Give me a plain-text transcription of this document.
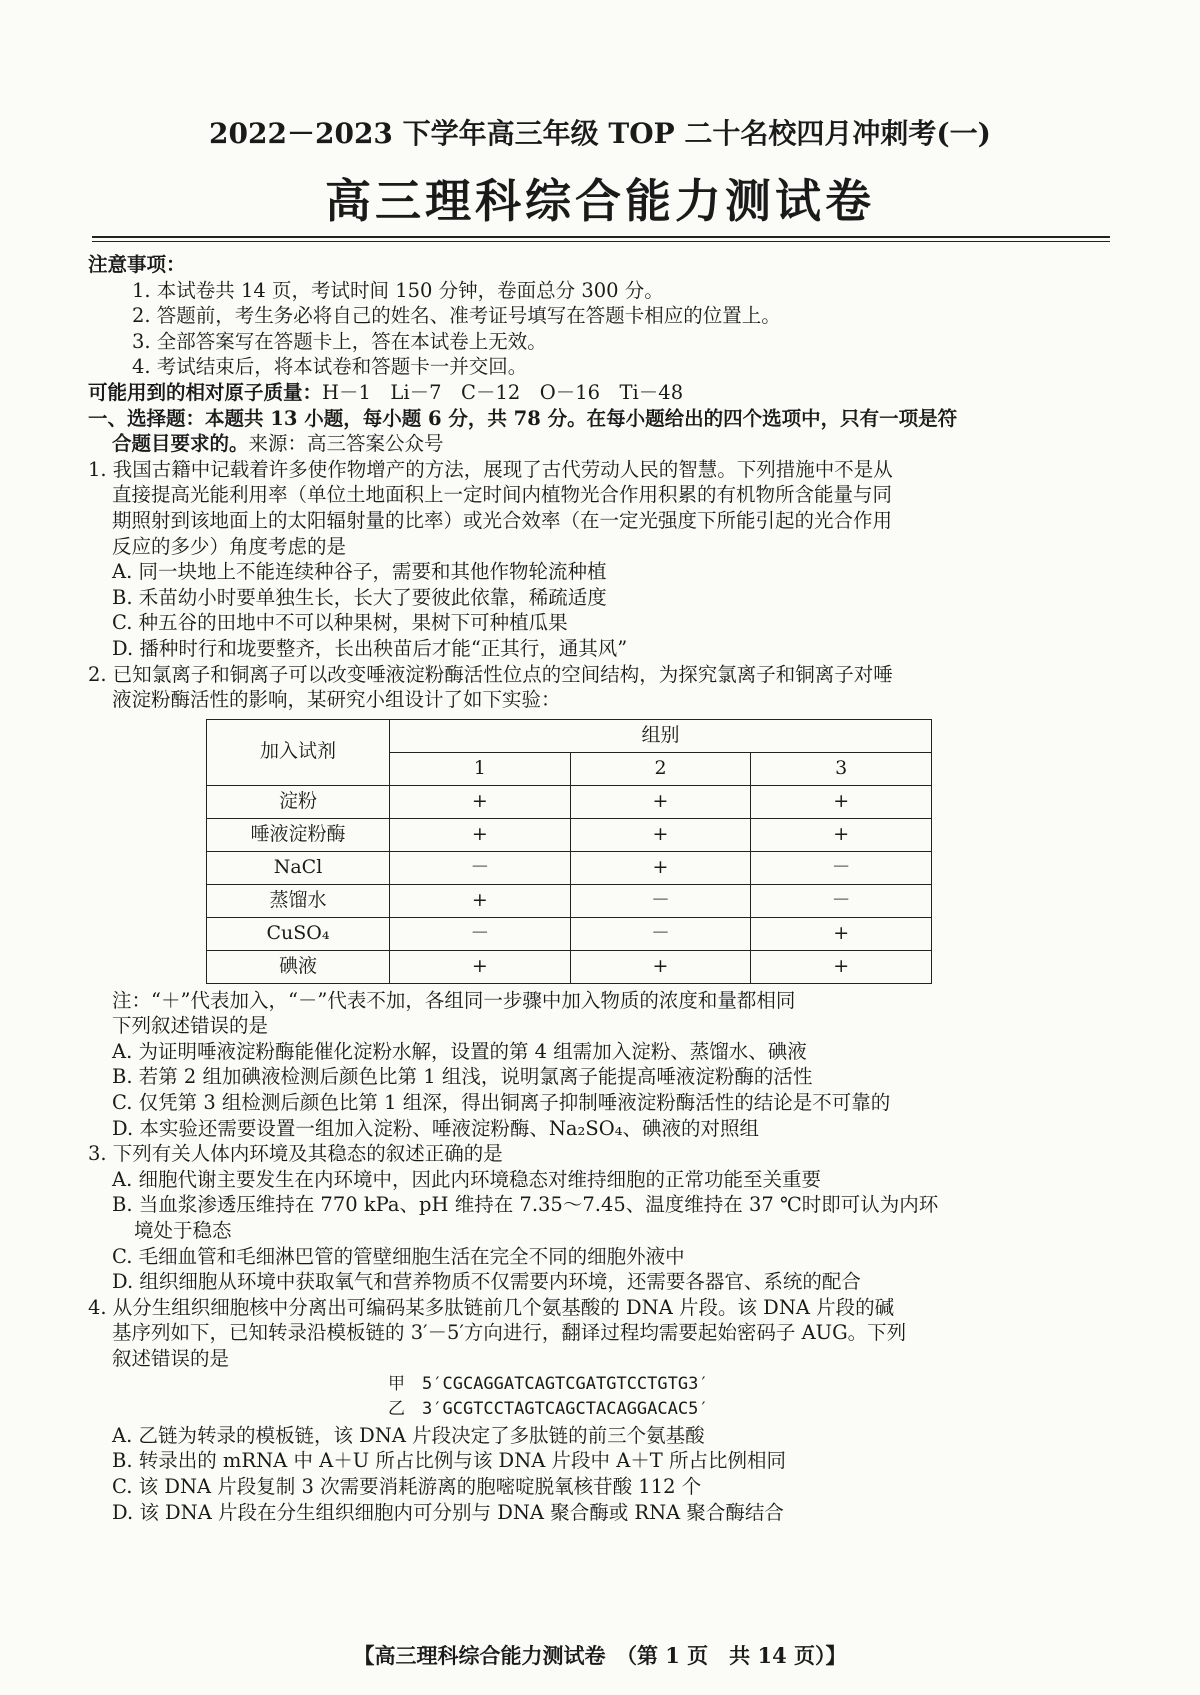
2022－2023 下学年高三年级 TOP 二十名校四月冲刺考(一)
高三理科综合能力测试卷
注意事项：
1. 本试卷共 14 页，考试时间 150 分钟，卷面总分 300 分。
2. 答题前，考生务必将自己的姓名、准考证号填写在答题卡相应的位置上。
3. 全部答案写在答题卡上，答在本试卷上无效。
4. 考试结束后，将本试卷和答题卡一并交回。
可能用到的相对原子质量：H－1　Li－7　C－12　O－16　Ti－48
一、选择题：本题共 13 小题，每小题 6 分，共 78 分。在每小题给出的四个选项中，只有一项是符
合题目要求的。来源：高三答案公众号
1. 我国古籍中记载着许多使作物增产的方法，展现了古代劳动人民的智慧。下列措施中不是从
直接提高光能利用率（单位土地面积上一定时间内植物光合作用积累的有机物所含能量与同
期照射到该地面上的太阳辐射量的比率）或光合效率（在一定光强度下所能引起的光合作用
反应的多少）角度考虑的是
A. 同一块地上不能连续种谷子，需要和其他作物轮流种植
B. 禾苗幼小时要单独生长，长大了要彼此依靠，稀疏适度
C. 种五谷的田地中不可以种果树，果树下可种植瓜果
D. 播种时行和垅要整齐，长出秧苗后才能“正其行，通其风”
2. 已知氯离子和铜离子可以改变唾液淀粉酶活性位点的空间结构，为探究氯离子和铜离子对唾
液淀粉酶活性的影响，某研究小组设计了如下实验：
加入试剂	组别		
	1	2	3
淀粉	+	+	+
唾液淀粉酶	+	+	+
NaCl	－	+	－
蒸馏水	+	－	－
CuSO₄	－	－	+
碘液	+	+	+
注：“＋”代表加入，“－”代表不加，各组同一步骤中加入物质的浓度和量都相同
下列叙述错误的是
A. 为证明唾液淀粉酶能催化淀粉水解，设置的第 4 组需加入淀粉、蒸馏水、碘液
B. 若第 2 组加碘液检测后颜色比第 1 组浅，说明氯离子能提高唾液淀粉酶的活性
C. 仅凭第 3 组检测后颜色比第 1 组深，得出铜离子抑制唾液淀粉酶活性的结论是不可靠的
D. 本实验还需要设置一组加入淀粉、唾液淀粉酶、Na₂SO₄、碘液的对照组
3. 下列有关人体内环境及其稳态的叙述正确的是
A. 细胞代谢主要发生在内环境中，因此内环境稳态对维持细胞的正常功能至关重要
B. 当血浆渗透压维持在 770 kPa、pH 维持在 7.35～7.45、温度维持在 37 ℃时即可认为内环
境处于稳态
C. 毛细血管和毛细淋巴管的管壁细胞生活在完全不同的细胞外液中
D. 组织细胞从环境中获取氧气和营养物质不仅需要内环境，还需要各器官、系统的配合
4. 从分生组织细胞核中分离出可编码某多肽链前几个氨基酸的 DNA 片段。该 DNA 片段的碱
基序列如下，已知转录沿模板链的 3′－5′方向进行，翻译过程均需要起始密码子 AUG。下列
叙述错误的是
甲　5′CGCAGGATCAGTCGATGTCCTGTG3′
乙　3′GCGTCCTAGTCAGCTACAGGACAC5′
A. 乙链为转录的模板链，该 DNA 片段决定了多肽链的前三个氨基酸
B. 转录出的 mRNA 中 A＋U 所占比例与该 DNA 片段中 A＋T 所占比例相同
C. 该 DNA 片段复制 3 次需要消耗游离的胞嘧啶脱氧核苷酸 112 个
D. 该 DNA 片段在分生组织细胞内可分别与 DNA 聚合酶或 RNA 聚合酶结合
【高三理科综合能力测试卷　（第 1 页　共 14 页）】
